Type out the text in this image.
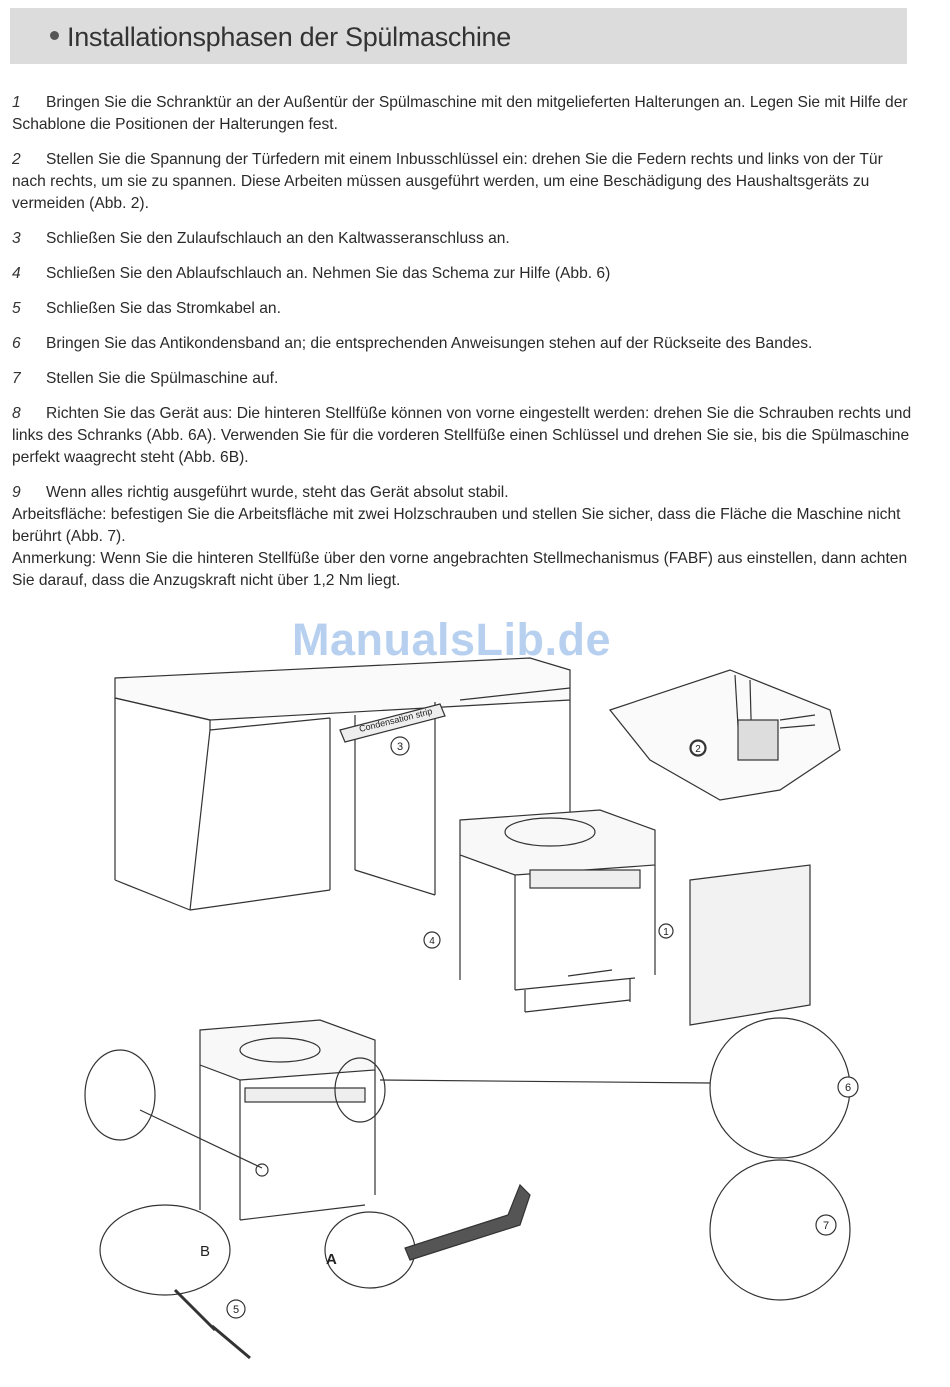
Installationsphasen der Spülmaschine

1 Bringen Sie die Schranktür an der Außentür der Spülmaschine mit den mitgelieferten Halterungen an. Legen Sie mit Hilfe der Schablone die Positionen der Halterungen fest.

2 Stellen Sie die Spannung der Türfedern mit einem Inbusschlüssel ein: drehen Sie die Federn rechts und links von der Tür nach rechts, um sie zu spannen. Diese Arbeiten müssen ausgeführt werden, um eine Beschädigung des Haushaltsgeräts zu vermeiden (Abb. 2).

3 Schließen Sie den Zulaufschlauch an den Kaltwasseranschluss an.

4 Schließen Sie den Ablaufschlauch an. Nehmen Sie das Schema zur Hilfe (Abb. 6)

5 Schließen Sie das Stromkabel an.

6 Bringen Sie das Antikondensband an; die entsprechenden Anweisungen stehen auf der Rückseite des Bandes.

7 Stellen Sie die Spülmaschine auf.

8 Richten Sie das Gerät aus: Die hinteren Stellfüße können von vorne eingestellt werden: drehen Sie die Schrauben rechts und links des Schranks (Abb. 6A). Verwenden Sie für die vorderen Stellfüße einen Schlüssel und drehen Sie sie, bis die Spülmaschine perfekt waagrecht steht (Abb. 6B).

9 Wenn alles richtig ausgeführt wurde, steht das Gerät absolut stabil.

Arbeitsfläche: befestigen Sie die Arbeitsfläche mit zwei Holzschrauben und stellen Sie sicher, dass die Fläche die Maschine nicht berührt (Abb. 7).

Anmerkung: Wenn Sie die hinteren Stellfüße über den vorne angebrachten Stellmechanismus (FABF) aus einstellen, dann achten Sie darauf, dass die Anzugskraft nicht über 1,2 Nm liegt.

ManualsLib.de
Condensation strip
3
4
1
2
5
6
7
B	A
